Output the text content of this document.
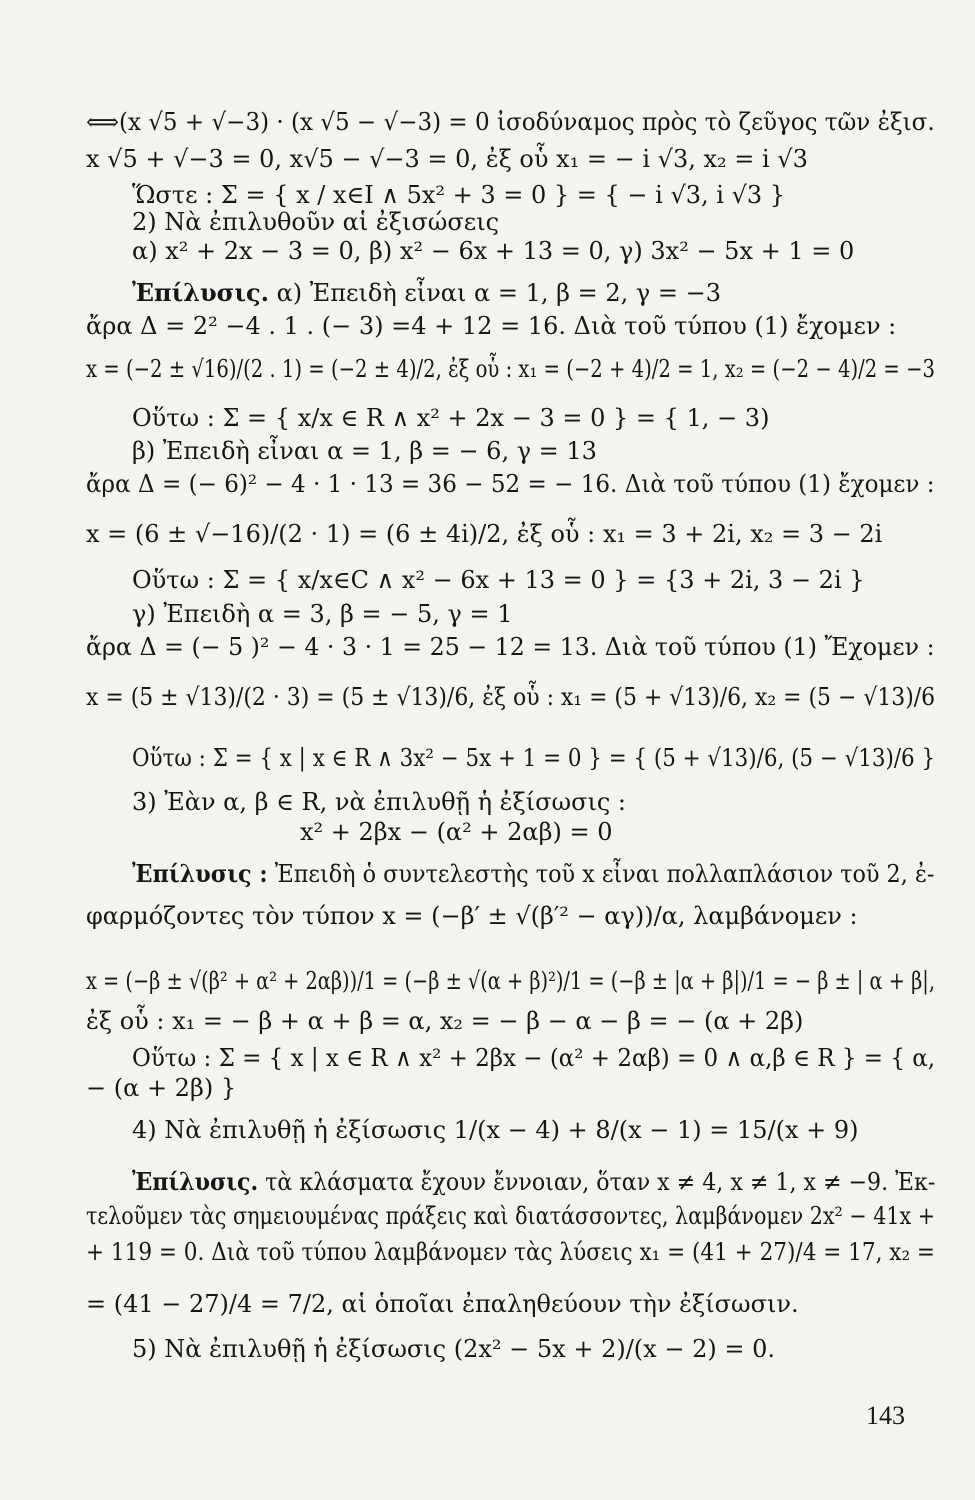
⟺(x √5 + √−3) · (x √5 − √−3) = 0 ἰσοδύναμος πρὸς τὸ ζεῦγος τῶν ἐξισ.
x √5 + √−3 = 0, x√5 − √−3 = 0, ἐξ οὗ x₁ = − i √3, x₂ = i √3
Ὥστε : Σ = { x / x∈I ∧ 5x² + 3 = 0 } = { − i √3, i √3 }
2) Νὰ ἐπιλυθοῦν αἱ ἐξισώσεις
α) x² + 2x − 3 = 0, β) x² − 6x + 13 = 0, γ) 3x² − 5x + 1 = 0
Ἐπίλυσις. α) Ἐπειδὴ εἶναι α = 1, β = 2, γ = −3
ἄρα Δ = 2² −4 . 1 . (− 3) =4 + 12 = 16. Διὰ τοῦ τύπου (1) ἔχομεν :
x = (−2 ± √16)/(2 . 1) = (−2 ± 4)/2, ἐξ οὗ : x₁ = (−2 + 4)/2 = 1, x₂ = (−2 − 4)/2 = −3
Οὕτω : Σ = { x/x ∈ R ∧ x² + 2x − 3 = 0 } = { 1, − 3)
β) Ἐπειδὴ εἶναι α = 1, β = − 6, γ = 13
ἄρα Δ = (− 6)² − 4 · 1 · 13 = 36 − 52 = − 16. Διὰ τοῦ τύπου (1) ἔχομεν :
x = (6 ± √−16)/(2 · 1) = (6 ± 4i)/2, ἐξ οὗ : x₁ = 3 + 2i, x₂ = 3 − 2i
Οὕτω : Σ = { x/x∈C ∧ x² − 6x + 13 = 0 } = {3 + 2i, 3 − 2i }
γ) Ἐπειδὴ α = 3, β = − 5, γ = 1
ἄρα Δ = (− 5 )² − 4 · 3 · 1 = 25 − 12 = 13. Διὰ τοῦ τύπου (1) Ἔχομεν :
x = (5 ± √13)/(2 · 3) = (5 ± √13)/6, ἐξ οὗ : x₁ = (5 + √13)/6, x₂ = (5 − √13)/6
Οὕτω : Σ = { x | x ∈ R ∧ 3x² − 5x + 1 = 0 } = { (5 + √13)/6, (5 − √13)/6 }
3) Ἐὰν α, β ∈ R, νὰ ἐπιλυθῇ ἡ ἐξίσωσις :
x² + 2βx − (α² + 2αβ) = 0
Ἐπίλυσις : Ἐπειδὴ ὁ συντελεστὴς τοῦ x εἶναι πολλαπλάσιον τοῦ 2, ἐ-
φαρμόζοντες τὸν τύπον x = (−β′ ± √(β′² − αγ))/α, λαμβάνομεν :
x = (−β ± √(β² + α² + 2αβ))/1 = (−β ± √(α + β)²)/1 = (−β ± |α + β|)/1 = − β ± | α + β|,
ἐξ οὗ : x₁ = − β + α + β = α, x₂ = − β − α − β = − (α + 2β)
Οὕτω : Σ = { x | x ∈ R ∧ x² + 2βx − (α² + 2αβ) = 0 ∧ α,β ∈ R } = { α,
− (α + 2β) }
4) Νὰ ἐπιλυθῇ ἡ ἐξίσωσις 1/(x − 4) + 8/(x − 1) = 15/(x + 9)
Ἐπίλυσις. τὰ κλάσματα ἔχουν ἔννοιαν, ὅταν x ≠ 4, x ≠ 1, x ≠ −9. Ἐκ-
τελοῦμεν τὰς σημειουμένας πράξεις καὶ διατάσσοντες, λαμβάνομεν 2x² − 41x +
+ 119 = 0. Διὰ τοῦ τύπου λαμβάνομεν τὰς λύσεις x₁ = (41 + 27)/4 = 17, x₂ =
= (41 − 27)/4 = 7/2, αἱ ὁποῖαι ἐπαληθεύουν τὴν ἐξίσωσιν.
5) Νὰ ἐπιλυθῇ ἡ ἐξίσωσις (2x² − 5x + 2)/(x − 2) = 0.
143
